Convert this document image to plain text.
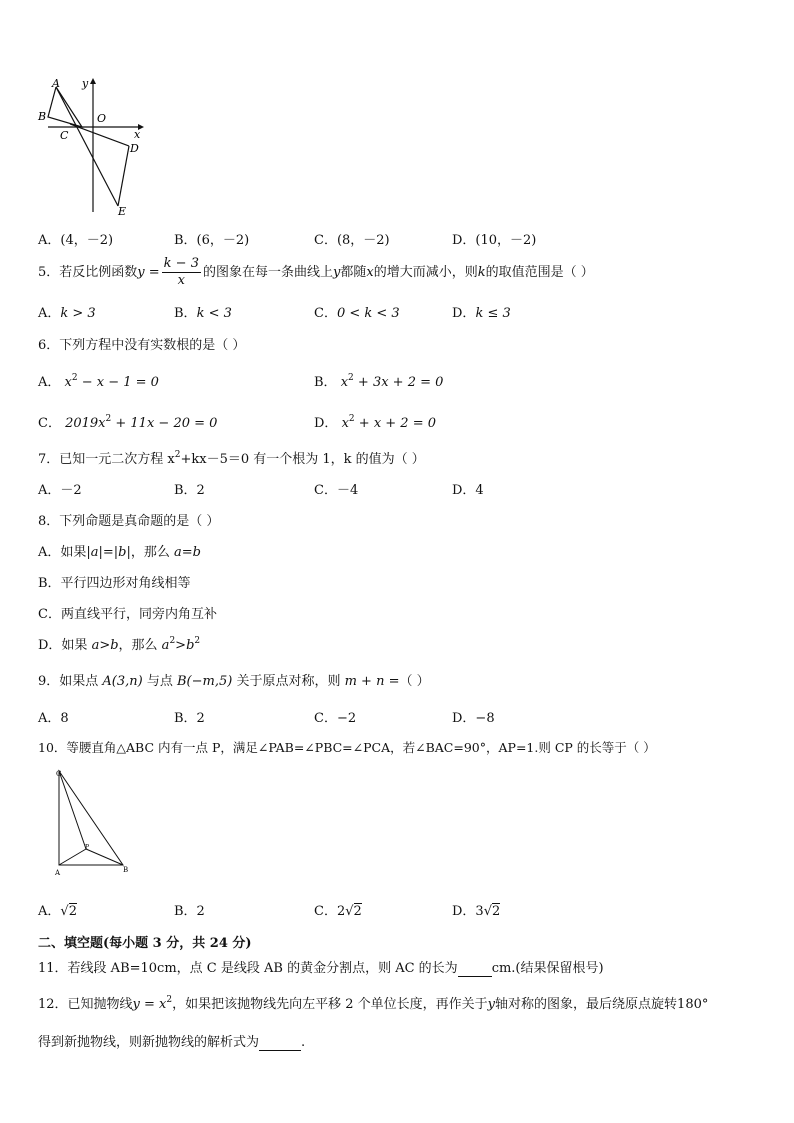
A y
B	O
C	x
D
E
A．(4，－2)	B．(6，－2)	C．(8，－2)	D．(10，－2)
5．若反比例函数$y = \frac{k - 3}{x}$ 的图象在每一条曲线上y都随x的增大而减小，则k的取值范围是（ ）
A．k > 3	B．k < 3	C．0 < k < 3	D．k ≤ 3
6．下列方程中没有实数根的是（ ）
A． $x^2 - x - 1 = 0$	B． $x^2 + 3x + 2 = 0$
C． $2019x^2 + 11x - 20 = 0$	D． $x^2 + x + 2 = 0$
7．已知一元二次方程 $x^2+kx-5=0$ 有一个根为 1，k 的值为（ ）
A．－2	B．2	C．－4	D．4
8．下列命题是真命题的是（ ）
A．如果|a|=|b|，那么 a=b
B．平行四边形对角线相等
C．两直线平行，同旁内角互补
D．如果 a>b，那么 $a^2>b^2$
9．如果点 A(3,n) 与点 B(−m,5) 关于原点对称，则 m + n =（ ）
A．8	B．2	C．−2	D．−8
10．等腰直角△ABC 内有一点 P，满足∠PAB=∠PBC=∠PCA，若∠BAC=90°，AP=1.则 CP 的长等于（ ）
C
P
A	B
A．√2	B．2	C．2√2	D．3√2
二、填空题(每小题 3 分，共 24 分)
11．若线段 AB=10cm，点 C 是线段 AB 的黄金分割点，则 AC 的长为	cm.(结果保留根号)
12．已知抛物线$y = x^2$，如果把该抛物线先向左平移 2 个单位长度，再作关于y轴对称的图象，最后绕原点旋转180°
得到新抛物线，则新抛物线的解析式为	.
